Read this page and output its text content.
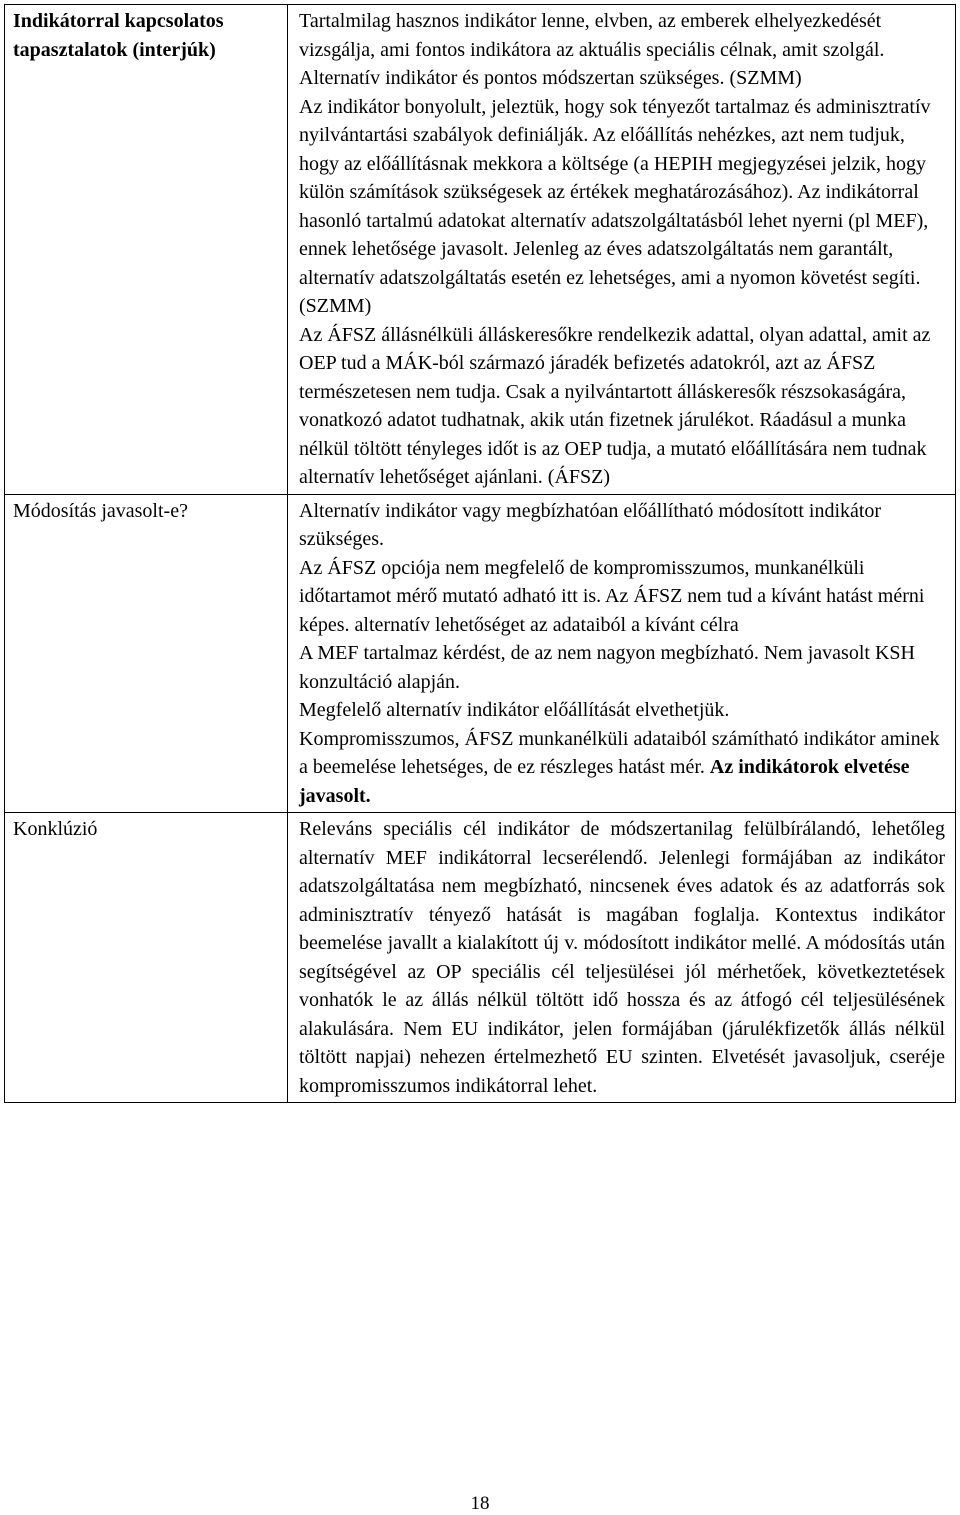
Indikátorral kapcsolatos tapasztalatok (interjúk)	Tartalmilag hasznos indikátor lenne, elvben, az emberek elhelyezkedését vizsgálja, ami fontos indikátora az aktuális speciális célnak, amit szolgál. Alternatív indikátor és pontos módszertan szükséges. (SZMM)

Az indikátor bonyolult, jeleztük, hogy sok tényezőt tartalmaz és adminisztratív nyilvántartási szabályok definiálják. Az előállítás nehézkes, azt nem tudjuk, hogy az előállításnak mekkora a költsége (a HEPIH megjegyzései jelzik, hogy külön számítások szükségesek az értékek meghatározásához). Az indikátorral hasonló tartalmú adatokat alternatív adatszolgáltatásból lehet nyerni (pl MEF), ennek lehetősége javasolt. Jelenleg az éves adatszolgáltatás nem garantált, alternatív adatszolgáltatás esetén ez lehetséges, ami a nyomon követést segíti. (SZMM)

Az ÁFSZ állásnélküli álláskeresőkre rendelkezik adattal, olyan adattal, amit az OEP tud a MÁK-ból származó járadék befizetés adatokról, azt az ÁFSZ természetesen nem tudja. Csak a nyilvántartott álláskeresők részsokaságára, vonatkozó adatot tudhatnak, akik után fizetnek járulékot. Ráadásul a munka nélkül töltött tényleges időt is az OEP tudja, a mutató előállítására nem tudnak alternatív lehetőséget ajánlani. (ÁFSZ)

Módosítás javasolt-e?	Alternatív indikátor vagy megbízhatóan előállítható módosított indikátor szükséges.

Az ÁFSZ opciója nem megfelelő de kompromisszumos, munkanélküli időtartamot mérő mutató adható itt is. Az ÁFSZ nem tud a kívánt hatást mérni képes. alternatív lehetőséget az adataiból a kívánt célra

A MEF tartalmaz kérdést, de az nem nagyon megbízható. Nem javasolt KSH konzultáció alapján.

Megfelelő alternatív indikátor előállítását elvethetjük.

Kompromisszumos, ÁFSZ munkanélküli adataiból számítható indikátor aminek a beemelése lehetséges, de ez részleges hatást mér. Az indikátorok elvetése javasolt.

Konklúzió	Releváns speciális cél indikátor de módszertanilag felülbírálandó, lehetőleg alternatív MEF indikátorral lecserélendő. Jelenlegi formájában az indikátor adatszolgáltatása nem megbízható, nincsenek éves adatok és az adatforrás sok adminisztratív tényező hatását is magában foglalja. Kontextus indikátor beemelése javallt a kialakított új v. módosított indikátor mellé. A módosítás után segítségével az OP speciális cél teljesülései jól mérhetőek, következtetések vonhatók le az állás nélkül töltött idő hossza és az átfogó cél teljesülésének alakulására. Nem EU indikátor, jelen formájában (járulékfizetők állás nélkül töltött napjai) nehezen értelmezhető EU szinten. Elvetését javasoljuk, cseréje kompromisszumos indikátorral lehet.

18
